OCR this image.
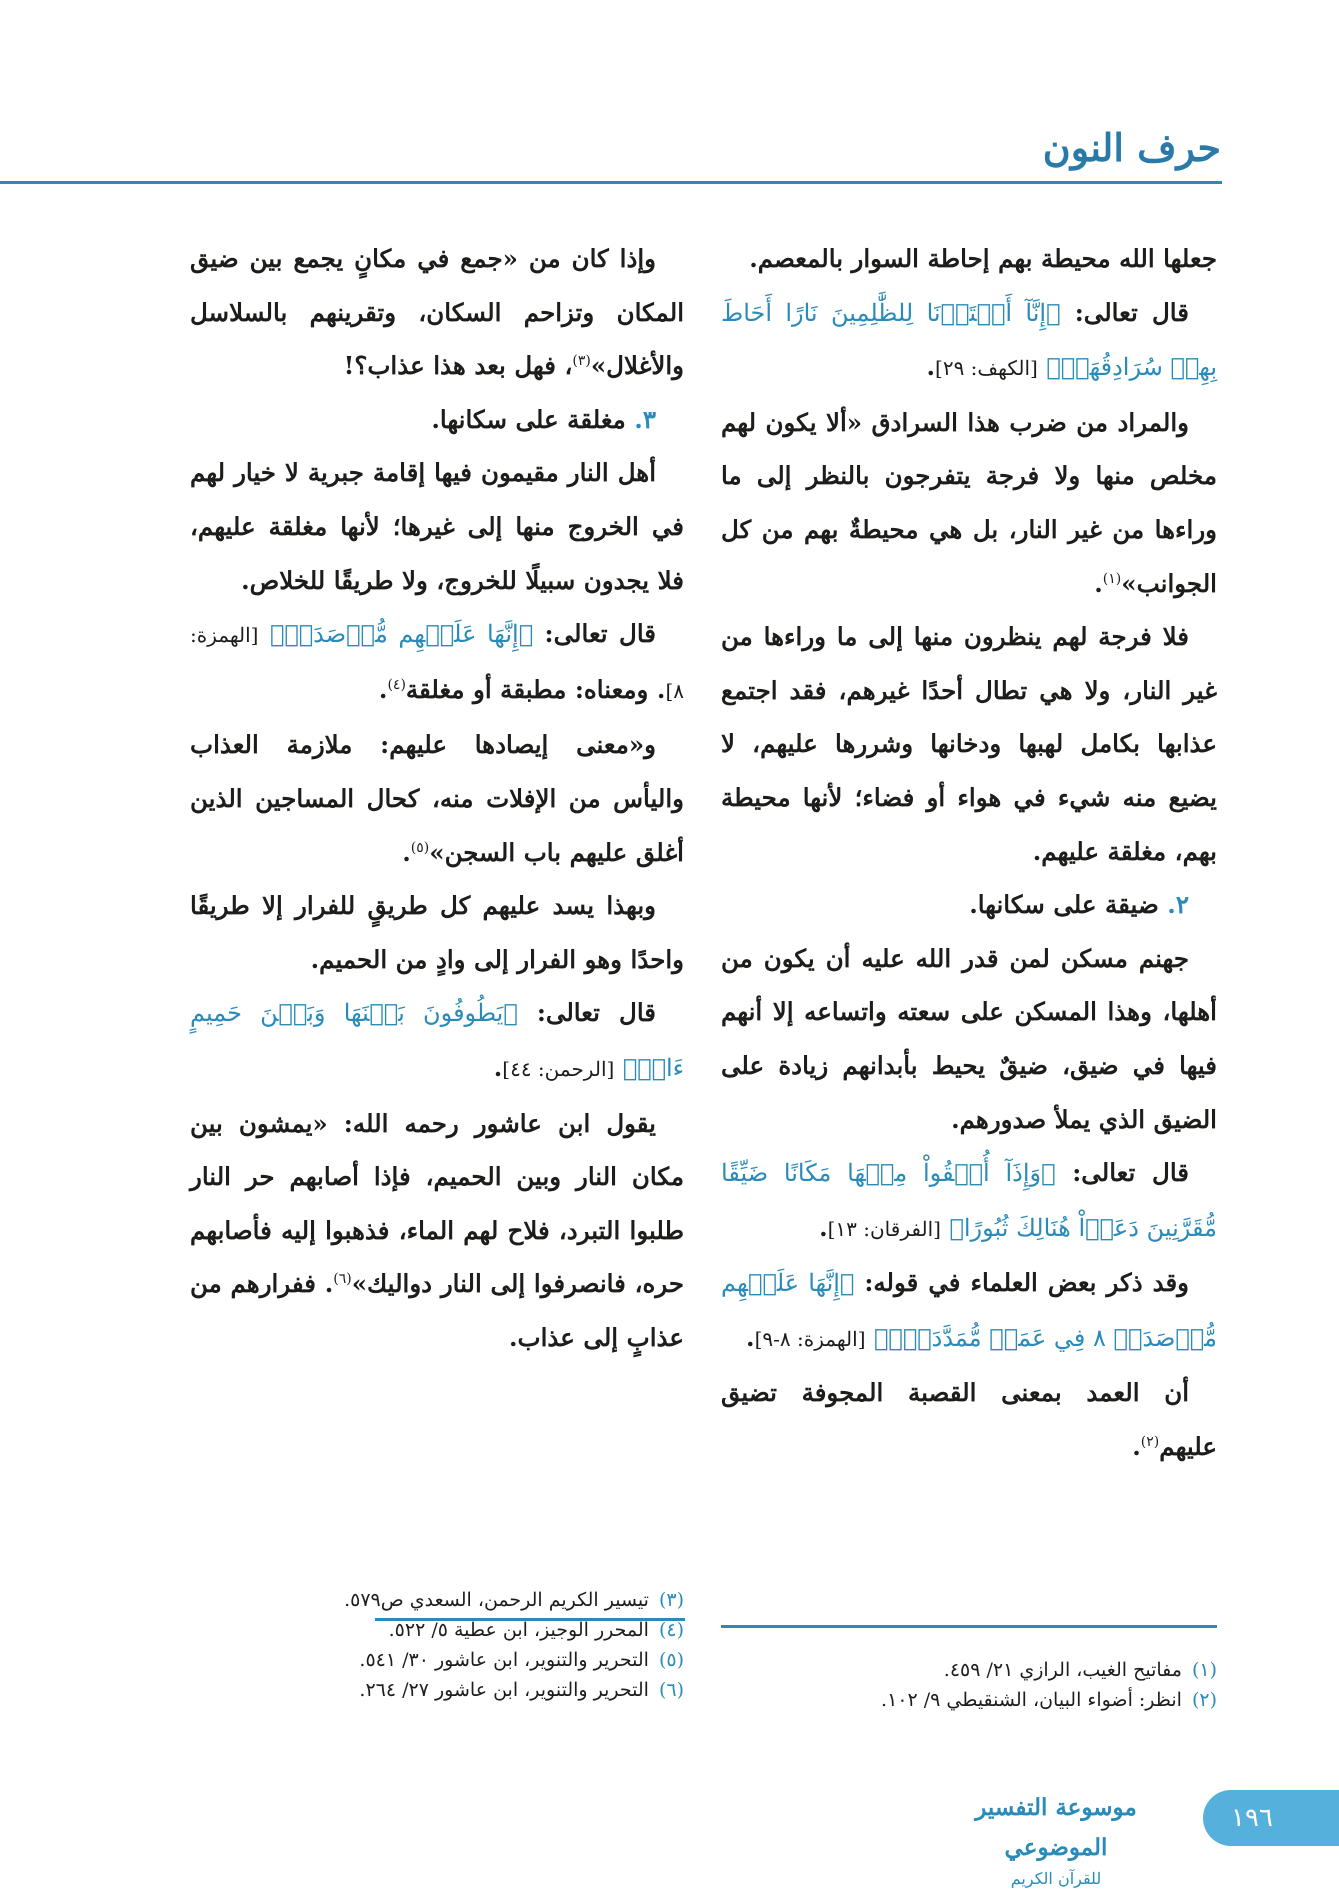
حرف النون

جعلها الله محيطة بهم إحاطة السوار بالمعصم.

قال تعالى: ﴿إِنَّآ أَعۡتَدۡنَا لِلظَّٰلِمِينَ نَارًا أَحَاطَ بِهِمۡ سُرَادِقُهَاۚ﴾ [الكهف: ٢٩].

والمراد من ضرب هذا السرادق «ألا يكون لهم مخلص منها ولا فرجة يتفرجون بالنظر إلى ما وراءها من غير النار، بل هي محيطةٌ بهم من كل الجوانب»$^{(١)}$.

فلا فرجة لهم ينظرون منها إلى ما وراءها من غير النار، ولا هي تطال أحدًا غيرهم، فقد اجتمع عذابها بكامل لهبها ودخانها وشررها عليهم، لا يضيع منه شيء في هواء أو فضاء؛ لأنها محيطة بهم، مغلقة عليهم.

٢. ضيقة على سكانها.

جهنم مسكن لمن قدر الله عليه أن يكون من أهلها، وهذا المسكن على سعته واتساعه إلا أنهم فيها في ضيق، ضيقٌ يحيط بأبدانهم زيادة على الضيق الذي يملأ صدورهم.

قال تعالى: ﴿وَإِذَآ أُلۡقُواْ مِنۡهَا مَكَانًا ضَيِّقًا مُّقَرَّنِينَ دَعَوۡاْ هُنَالِكَ ثُبُورًا﴾ [الفرقان: ١٣].

وقد ذكر بعض العلماء في قوله: ﴿إِنَّهَا عَلَيۡهِم مُّؤۡصَدَةٞ ٨ فِي عَمَدٖ مُّمَدَّدَةِۭ﴾ [الهمزة: ٨-٩].

أن العمد بمعنى القصبة المجوفة تضيق عليهم$^{(٢)}$.

وإذا كان من «جمع في مكانٍ يجمع بين ضيق المكان وتزاحم السكان، وتقرينهم بالسلاسل والأغلال»$^{(٣)}$، فهل بعد هذا عذاب؟!

٣. مغلقة على سكانها.

أهل النار مقيمون فيها إقامة جبرية لا خيار لهم في الخروج منها إلى غيرها؛ لأنها مغلقة عليهم، فلا يجدون سبيلًا للخروج، ولا طريقًا للخلاص.

قال تعالى: ﴿إِنَّهَا عَلَيۡهِم مُّؤۡصَدَةٞ﴾ [الهمزة: ٨]. ومعناه: مطبقة أو مغلقة$^{(٤)}$.

و«معنى إيصادها عليهم: ملازمة العذاب واليأس من الإفلات منه، كحال المساجين الذين أغلق عليهم باب السجن»$^{(٥)}$.

وبهذا يسد عليهم كل طريقٍ للفرار إلا طريقًا واحدًا وهو الفرار إلى وادٍ من الحميم.

قال تعالى: ﴿يَطُوفُونَ بَيۡنَهَا وَبَيۡنَ حَمِيمٍ ءَانٖ﴾ [الرحمن: ٤٤].

يقول ابن عاشور رحمه الله: «يمشون بين مكان النار وبين الحميم، فإذا أصابهم حر النار طلبوا التبرد، فلاح لهم الماء، فذهبوا إليه فأصابهم حره، فانصرفوا إلى النار دواليك»$^{(٦)}$. ففرارهم من عذابٍ إلى عذاب.

(١)مفاتيح الغيب، الرازي ٢١/ ٤٥٩.
(٢)انظر: أضواء البيان، الشنقيطي ٩/ ١٠٢.
(٣)تيسير الكريم الرحمن، السعدي ص٥٧٩.
(٤)المحرر الوجيز، ابن عطية ٥/ ٥٢٢.
(٥)التحرير والتنوير، ابن عاشور ٣٠/ ٥٤١.
(٦)التحرير والتنوير، ابن عاشور ٢٧/ ٢٦٤.
١٩٦
موسوعة التفسير الموضوعي
للقرآن الكريم
